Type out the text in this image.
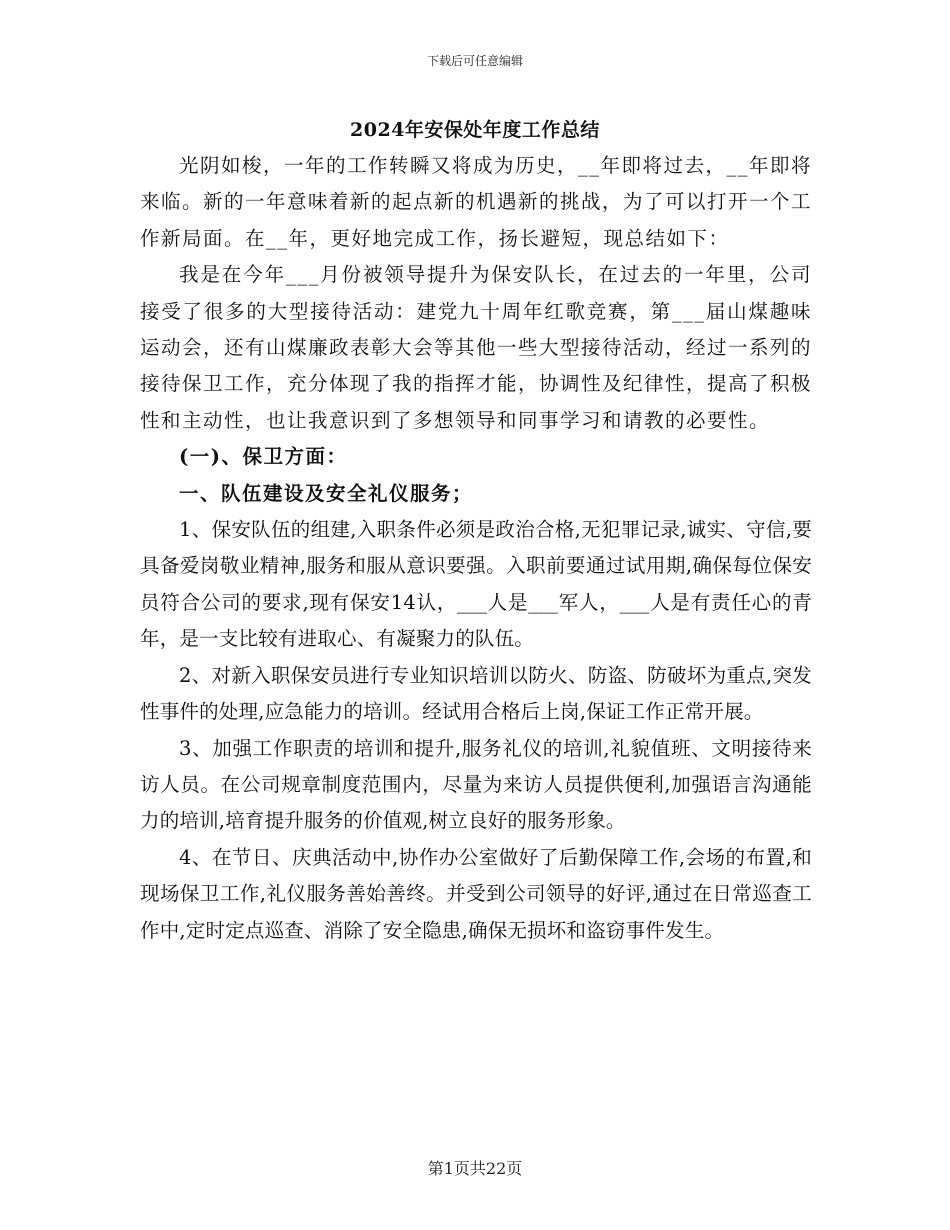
下载后可任意编辑
2024年安保处年度工作总结

光阴如梭，一年的工作转瞬又将成为历史，__年即将过去，__年即将来临。新的一年意味着新的起点新的机遇新的挑战，为了可以打开一个工作新局面。在__年，更好地完成工作，扬长避短，现总结如下：

我是在今年___月份被领导提升为保安队长，在过去的一年里，公司接受了很多的大型接待活动：建党九十周年红歌竞赛，第___届山煤趣味运动会，还有山煤廉政表彰大会等其他一些大型接待活动，经过一系列的接待保卫工作，充分体现了我的指挥才能，协调性及纪律性，提高了积极性和主动性，也让我意识到了多想领导和同事学习和请教的必要性。

(一)、保卫方面：

一、队伍建设及安全礼仪服务；

1、保安队伍的组建,入职条件必须是政治合格,无犯罪记录,诚实、守信,要具备爱岗敬业精神,服务和服从意识要强。入职前要通过试用期,确保每位保安员符合公司的要求,现有保安14认，___人是___军人，___人是有责任心的青年，是一支比较有进取心、有凝聚力的队伍。

2、对新入职保安员进行专业知识培训以防火、防盗、防破坏为重点,突发性事件的处理,应急能力的培训。经试用合格后上岗,保证工作正常开展。

3、加强工作职责的培训和提升,服务礼仪的培训,礼貌值班、文明接待来访人员。在公司规章制度范围内，尽量为来访人员提供便利,加强语言沟通能力的培训,培育提升服务的价值观,树立良好的服务形象。

4、在节日、庆典活动中,协作办公室做好了后勤保障工作,会场的布置,和现场保卫工作,礼仪服务善始善终。并受到公司领导的好评,通过在日常巡查工作中,定时定点巡查、消除了安全隐患,确保无损坏和盗窃事件发生。

第1页共22页
